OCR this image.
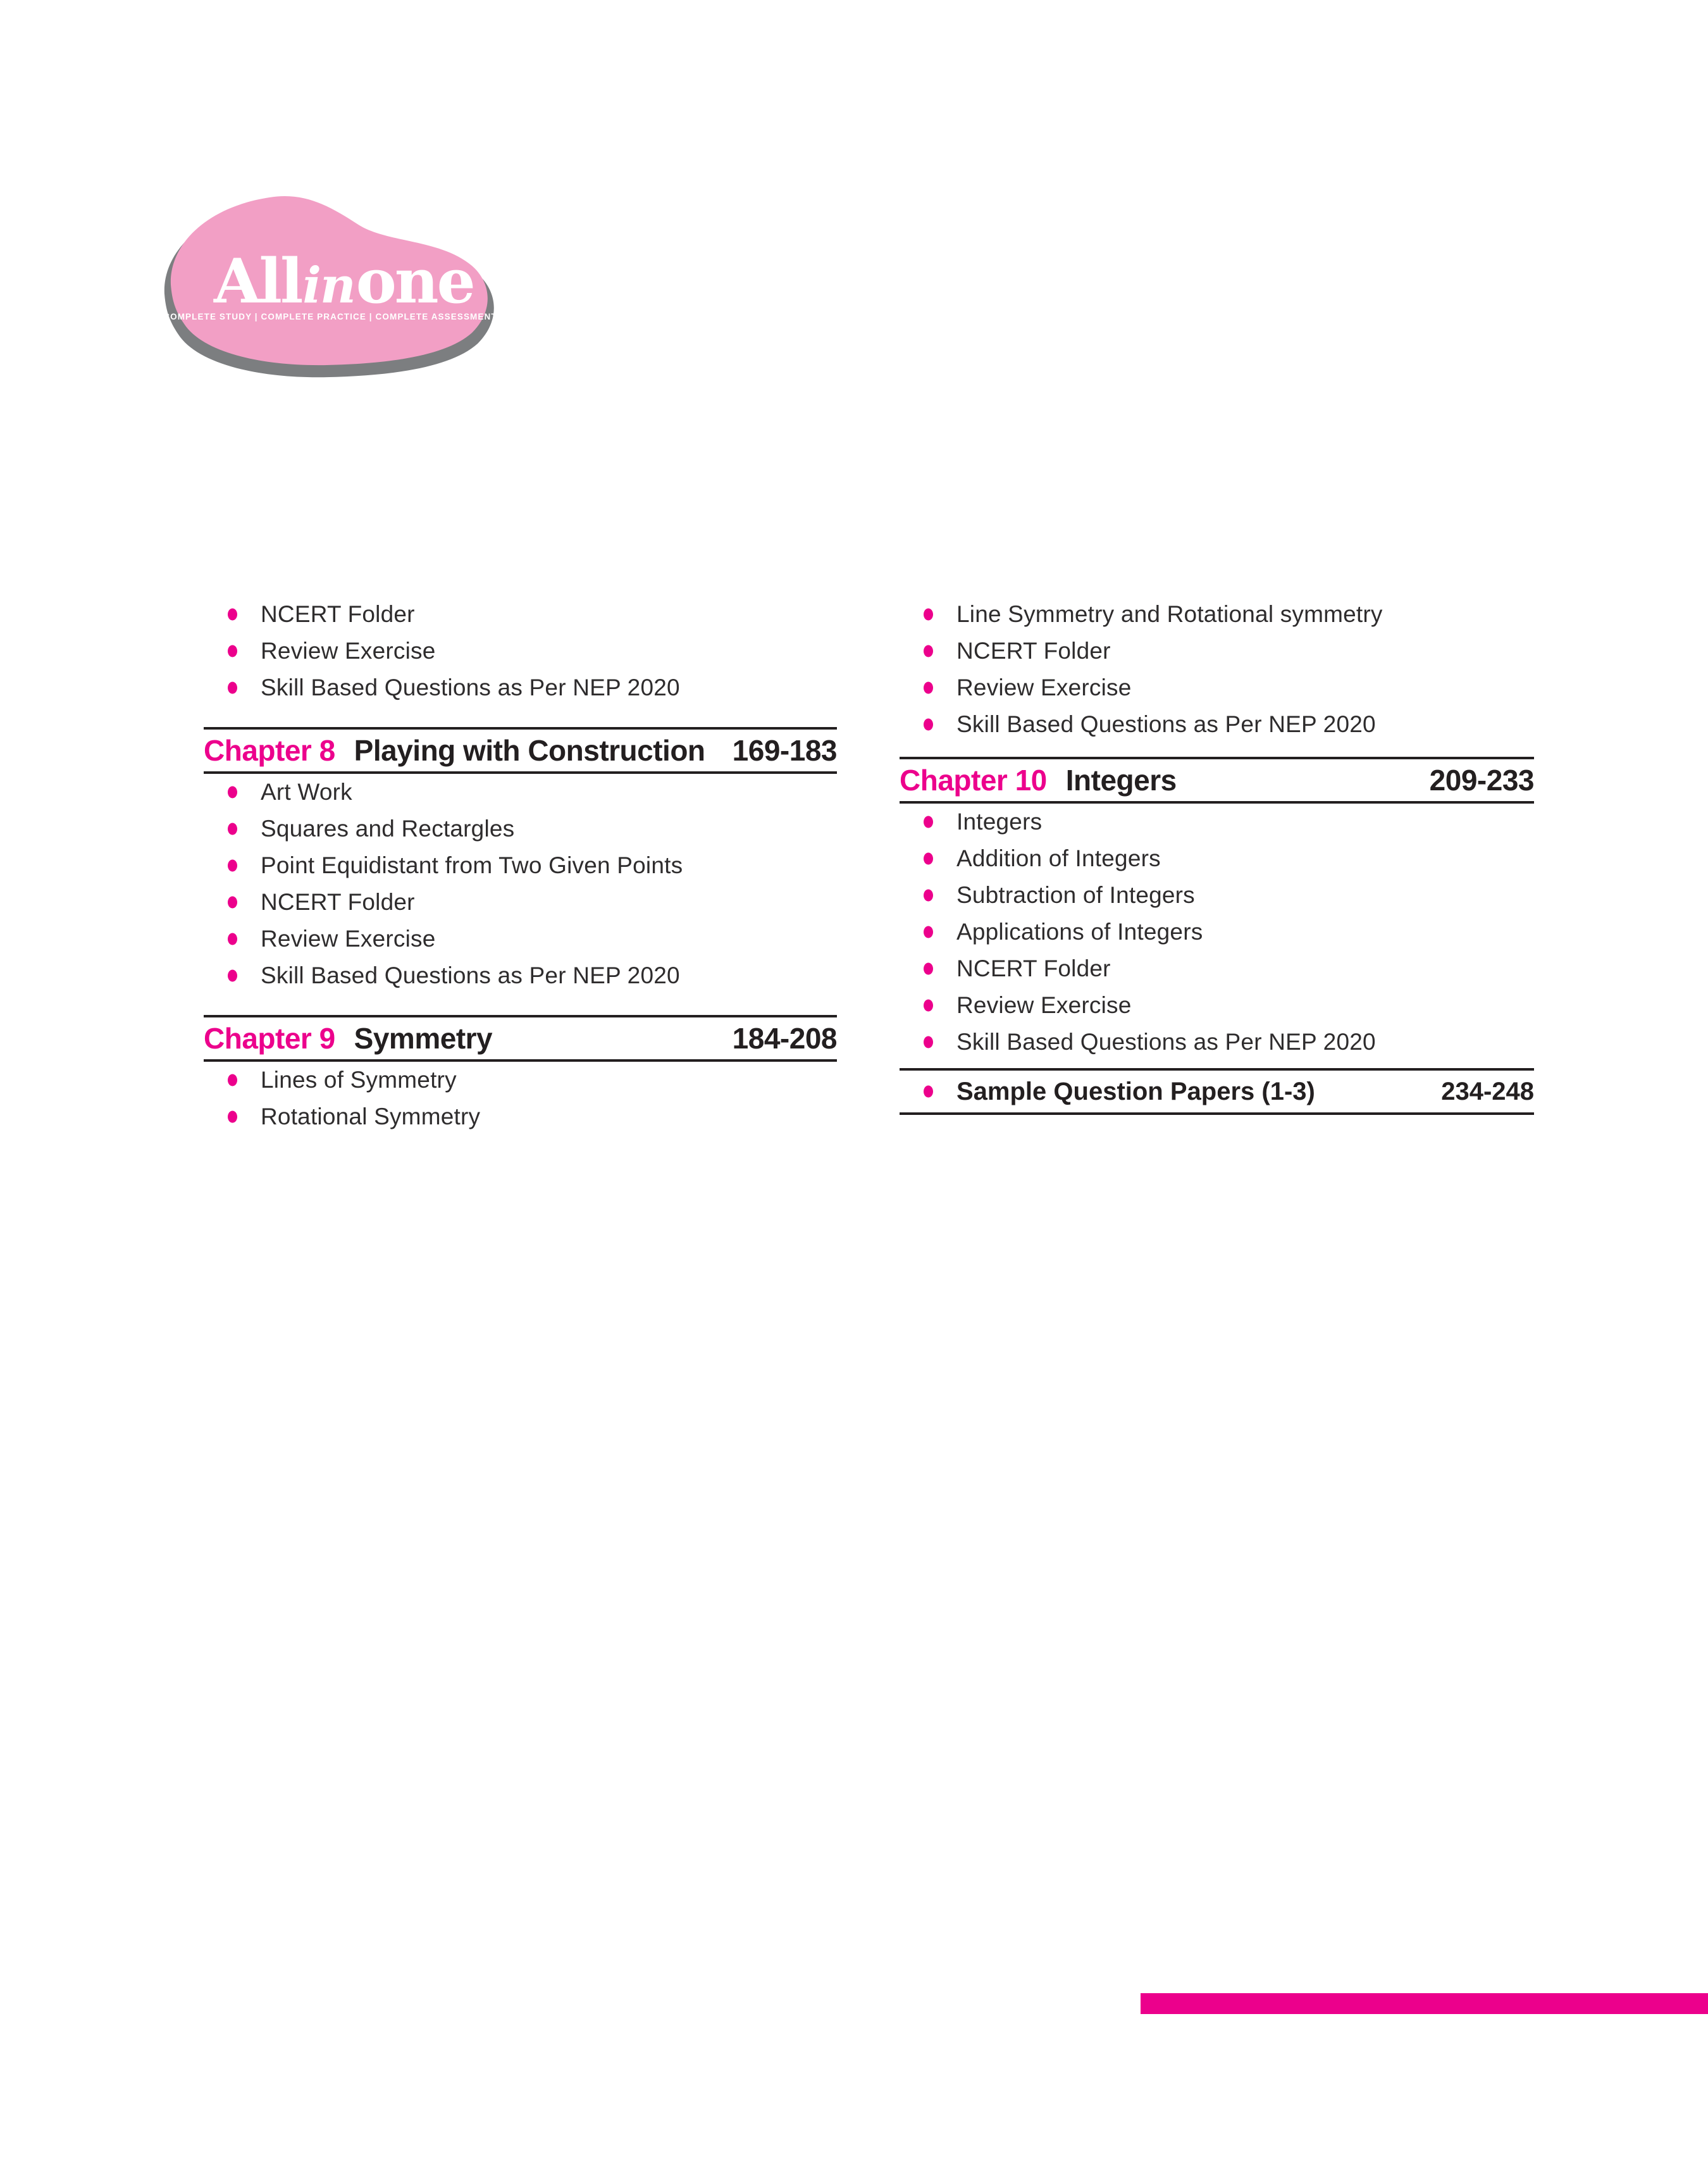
Allinone ®
COMPLETE STUDY | COMPLETE PRACTICE | COMPLETE ASSESSMENT
NCERT Folder
Review Exercise
Skill Based Questions as Per NEP 2020
Chapter 8 Playing with Construction 169-183
Art Work
Squares and Rectargles
Point Equidistant from Two Given Points
NCERT Folder
Review Exercise
Skill Based Questions as Per NEP 2020
Chapter 9 Symmetry	184-208
Lines of Symmetry
Rotational Symmetry
Line Symmetry and Rotational symmetry
NCERT Folder
Review Exercise
Skill Based Questions as Per NEP 2020
Chapter 10 Integers	209-233
Integers
Addition of Integers
Subtraction of Integers
Applications of Integers
NCERT Folder
Review Exercise
Skill Based Questions as Per NEP 2020
Sample Question Papers (1-3)	234-248
